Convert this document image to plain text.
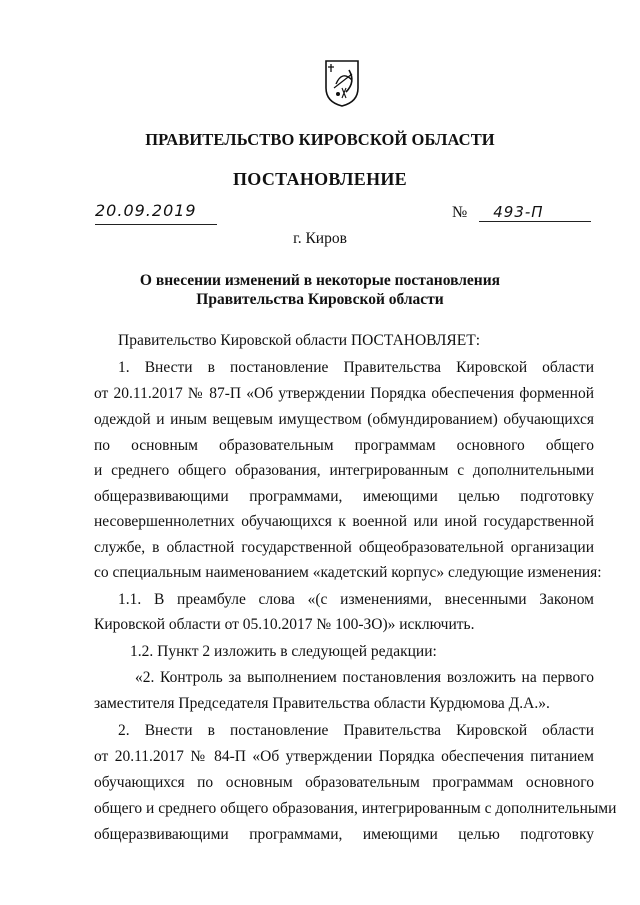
ПРАВИТЕЛЬСТВО КИРОВСКОЙ ОБЛАСТИ
ПОСТАНОВЛЕНИЕ
20.09.2019	№ 493-П
г. Киров
О внесении изменений в некоторые постановления
Правительства Кировской области
Правительство Кировской области ПОСТАНОВЛЯЕТ:
1. Внести в постановление Правительства Кировской области
от 20.11.2017 № 87-П «Об утверждении Порядка обеспечения форменной
одеждой и иным вещевым имуществом (обмундированием) обучающихся
по основным образовательным программам основного общего
и среднего общего образования, интегрированным с дополнительными
общеразвивающими программами, имеющими целью подготовку
несовершеннолетних обучающихся к военной или иной государственной
службе, в областной государственной общеобразовательной организации
со специальным наименованием «кадетский корпус» следующие изменения:
1.1. В преамбуле слова «(с изменениями, внесенными Законом
Кировской области от 05.10.2017 № 100-ЗО)» исключить.
1.2. Пункт 2 изложить в следующей редакции:
«2. Контроль за выполнением постановления возложить на первого
заместителя Председателя Правительства области Курдюмова Д.А.».
2. Внести в постановление Правительства Кировской области
от 20.11.2017 № 84-П «Об утверждении Порядка обеспечения питанием
обучающихся по основным образовательным программам основного
общего и среднего общего образования, интегрированным с дополнительными
общеразвивающими программами, имеющими целью подготовку
